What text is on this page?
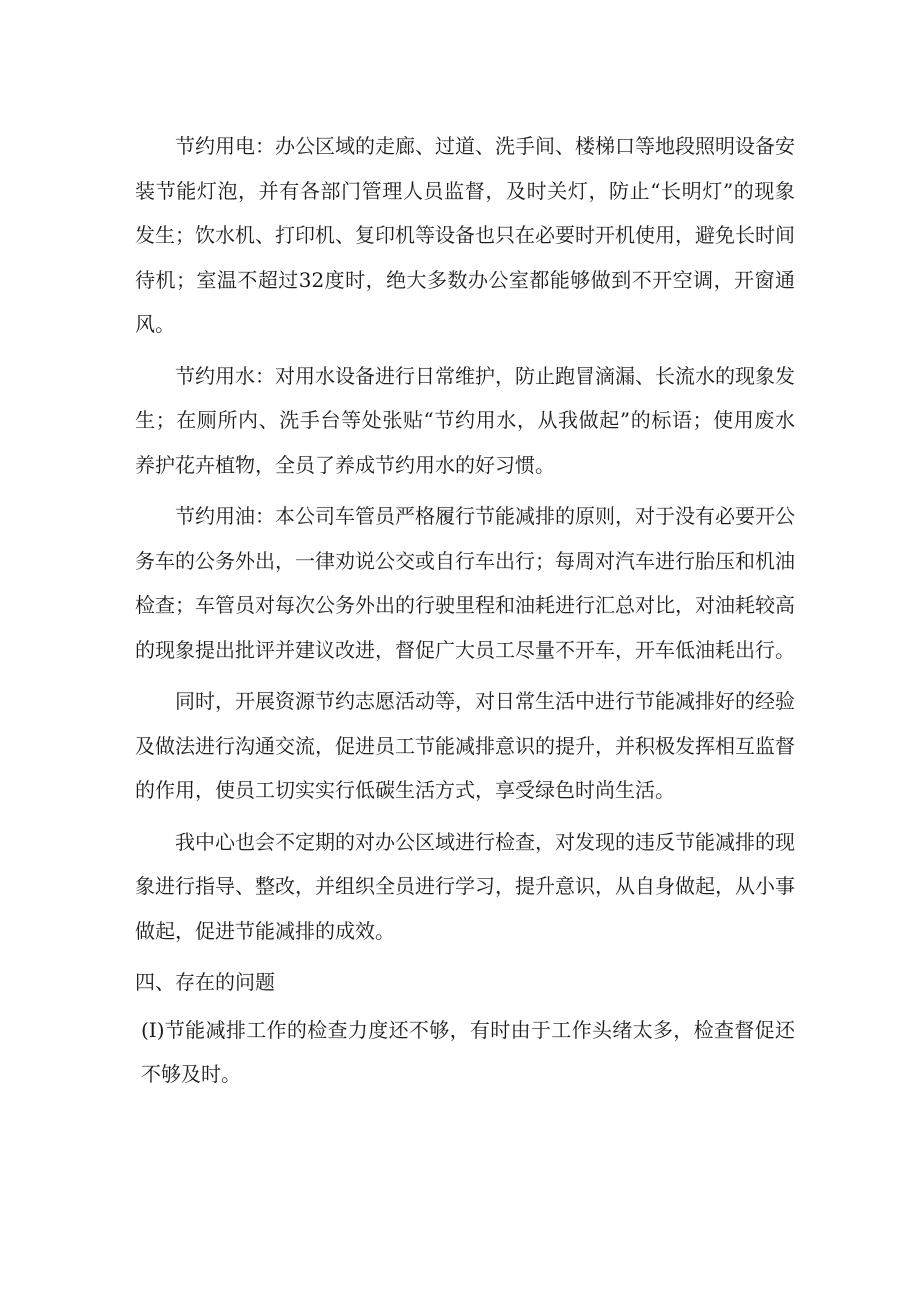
节约用电：办公区域的走廊、过道、洗手间、楼梯口等地段照明设备安装节能灯泡，并有各部门管理人员监督，及时关灯，防止“长明灯”的现象发生；饮水机、打印机、复印机等设备也只在必要时开机使用，避免长时间待机；室温不超过32度时，绝大多数办公室都能够做到不开空调，开窗通风。

节约用水：对用水设备进行日常维护，防止跑冒滴漏、长流水的现象发生；在厕所内、洗手台等处张贴“节约用水，从我做起”的标语；使用废水养护花卉植物，全员了养成节约用水的好习惯。

节约用油：本公司车管员严格履行节能减排的原则，对于没有必要开公务车的公务外出，一律劝说公交或自行车出行；每周对汽车进行胎压和机油检查；车管员对每次公务外出的行驶里程和油耗进行汇总对比，对油耗较高的现象提出批评并建议改进，督促广大员工尽量不开车，开车低油耗出行。

同时，开展资源节约志愿活动等，对日常生活中进行节能减排好的经验及做法进行沟通交流，促进员工节能减排意识的提升，并积极发挥相互监督的作用，使员工切实实行低碳生活方式，享受绿色时尚生活。

我中心也会不定期的对办公区域进行检查，对发现的违反节能减排的现象进行指导、整改，并组织全员进行学习，提升意识，从自身做起，从小事做起，促进节能减排的成效。

四、存在的问题

(I)节能减排工作的检查力度还不够，有时由于工作头绪太多，检查督促还不够及时。
